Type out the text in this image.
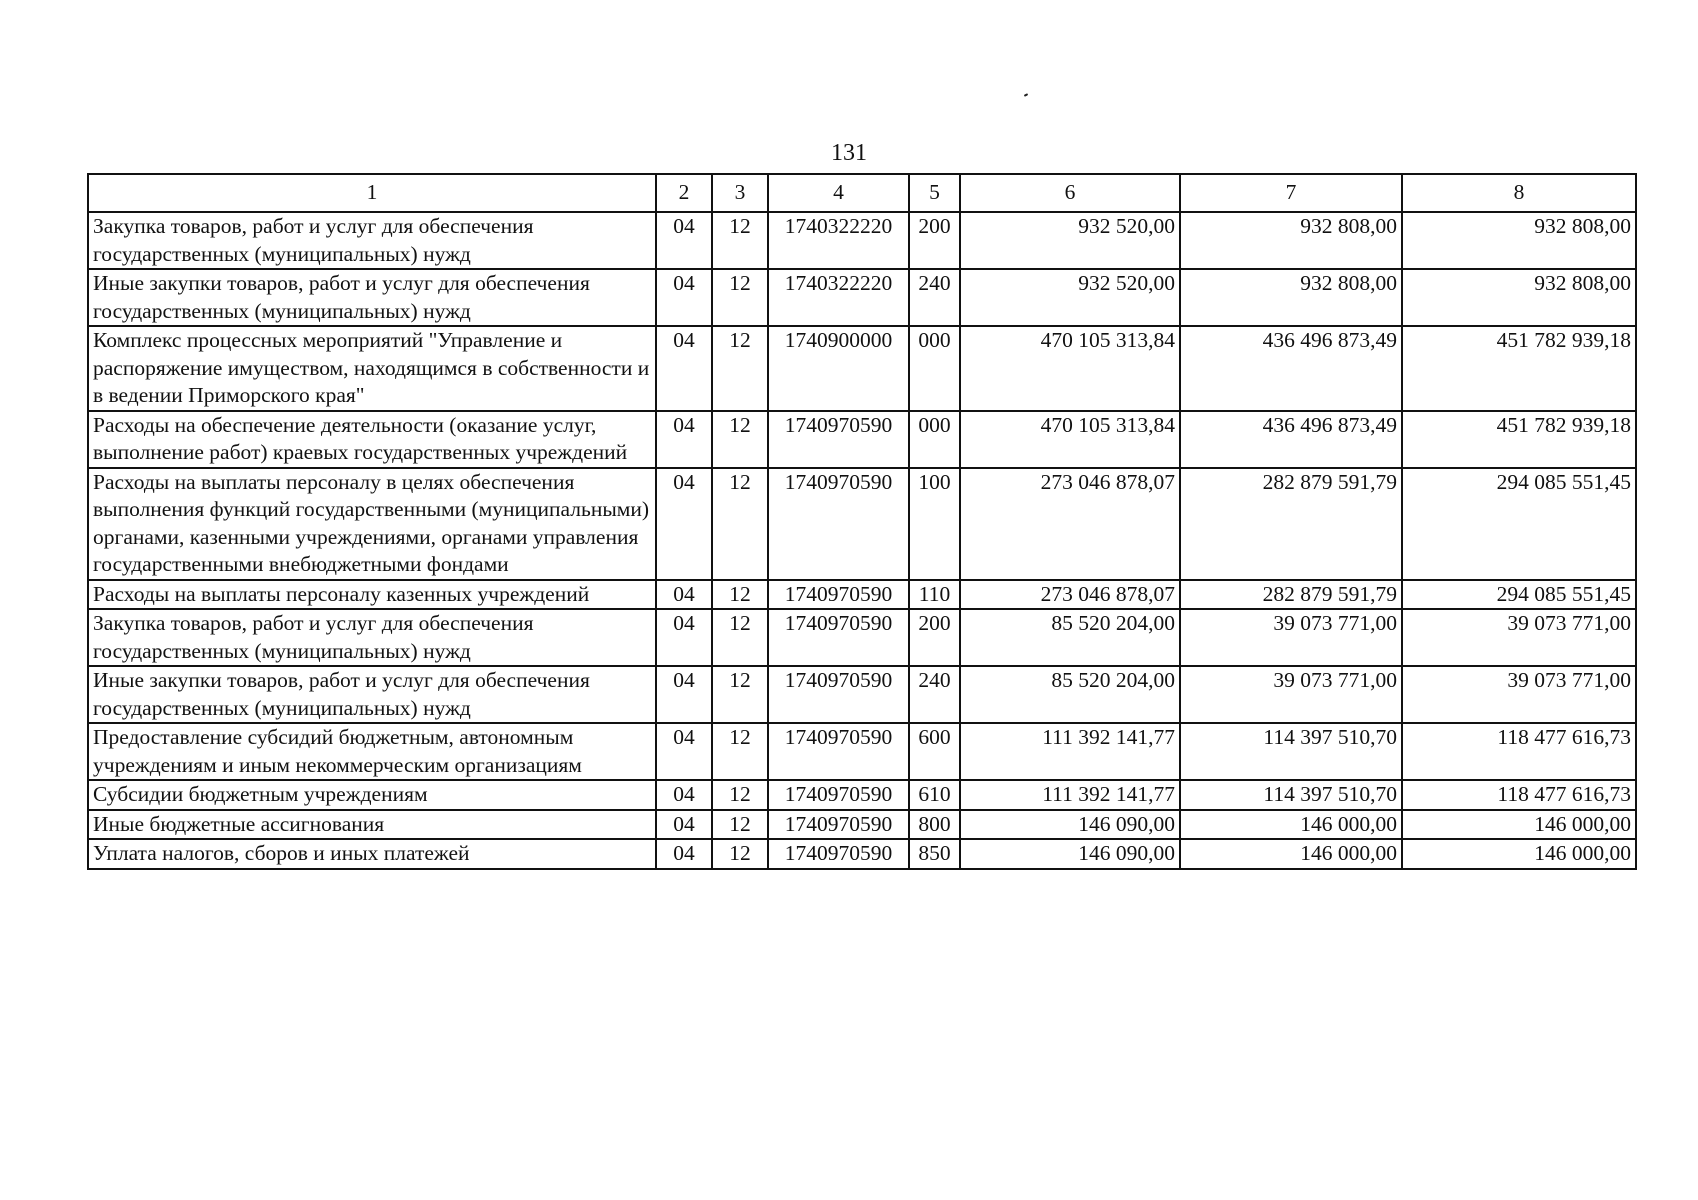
131
1	2	3	4	5	6	7	8
Закупка товаров, работ и услуг для обеспечения государственных (муниципальных) нужд	04	12	1740322220	200	932 520,00	932 808,00	932 808,00
Иные закупки товаров, работ и услуг для обеспечения государственных (муниципальных) нужд	04	12	1740322220	240	932 520,00	932 808,00	932 808,00
Комплекс процессных мероприятий "Управление и распоряжение имуществом, находящимся в собственности и в ведении Приморского края"	04	12	1740900000	000	470 105 313,84	436 496 873,49	451 782 939,18
Расходы на обеспечение деятельности (оказание услуг, выполнение работ) краевых государственных учреждений	04	12	1740970590	000	470 105 313,84	436 496 873,49	451 782 939,18
Расходы на выплаты персоналу в целях обеспечения выполнения функций государственными (муниципальными) органами, казенными учреждениями, органами управления государственными внебюджетными фондами	04	12	1740970590	100	273 046 878,07	282 879 591,79	294 085 551,45
Расходы на выплаты персоналу казенных учреждений	04	12	1740970590	110	273 046 878,07	282 879 591,79	294 085 551,45
Закупка товаров, работ и услуг для обеспечения государственных (муниципальных) нужд	04	12	1740970590	200	85 520 204,00	39 073 771,00	39 073 771,00
Иные закупки товаров, работ и услуг для обеспечения государственных (муниципальных) нужд	04	12	1740970590	240	85 520 204,00	39 073 771,00	39 073 771,00
Предоставление субсидий бюджетным, автономным учреждениям и иным некоммерческим организациям	04	12	1740970590	600	111 392 141,77	114 397 510,70	118 477 616,73
Субсидии бюджетным учреждениям	04	12	1740970590	610	111 392 141,77	114 397 510,70	118 477 616,73
Иные бюджетные ассигнования	04	12	1740970590	800	146 090,00	146 000,00	146 000,00
Уплата налогов, сборов и иных платежей	04	12	1740970590	850	146 090,00	146 000,00	146 000,00
